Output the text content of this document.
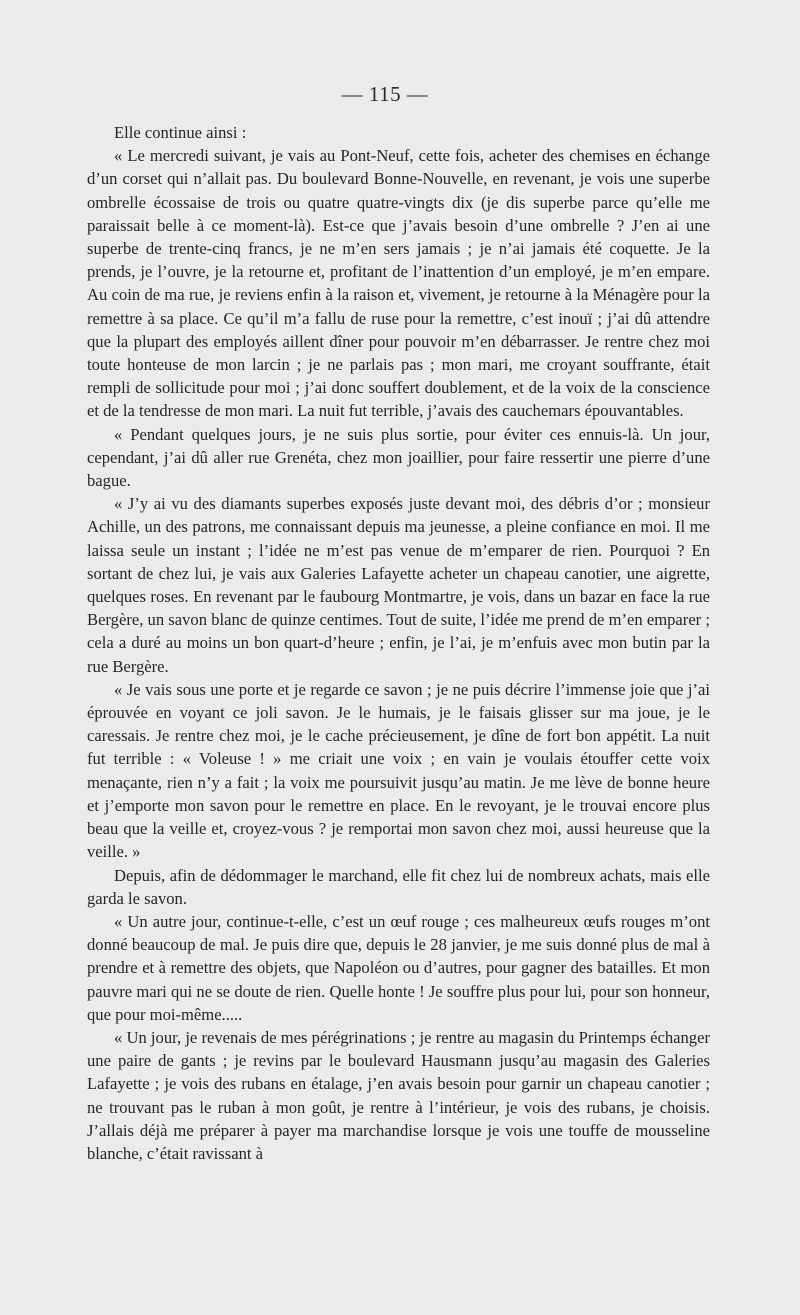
— 115 —

Elle continue ainsi :

« Le mercredi suivant, je vais au Pont-Neuf, cette fois, acheter des chemises en échange d’un corset qui n’allait pas. Du boulevard Bonne-Nouvelle, en revenant, je vois une superbe ombrelle écossaise de trois ou quatre quatre-vingts dix (je dis superbe parce qu’elle me paraissait belle à ce moment-là). Est-ce que j’avais besoin d’une ombrelle ? J’en ai une superbe de trente-cinq francs, je ne m’en sers jamais ; je n’ai jamais été coquette. Je la prends, je l’ouvre, je la retourne et, profitant de l’inattention d’un employé, je m’en empare. Au coin de ma rue, je reviens enfin à la raison et, vivement, je retourne à la Ménagère pour la remettre à sa place. Ce qu’il m’a fallu de ruse pour la remettre, c’est inouï ; j’ai dû attendre que la plupart des employés aillent dîner pour pouvoir m’en débarrasser. Je rentre chez moi toute honteuse de mon larcin ; je ne parlais pas ; mon mari, me croyant souffrante, était rempli de sollicitude pour moi ; j’ai donc souffert doublement, et de la voix de la conscience et de la tendresse de mon mari. La nuit fut terrible, j’avais des cauchemars épouvantables.

« Pendant quelques jours, je ne suis plus sortie, pour éviter ces ennuis-là. Un jour, cependant, j’ai dû aller rue Grenéta, chez mon joaillier, pour faire ressertir une pierre d’une bague.

« J’y ai vu des diamants superbes exposés juste devant moi, des débris d’or ; monsieur Achille, un des patrons, me connaissant depuis ma jeunesse, a pleine confiance en moi. Il me laissa seule un instant ; l’idée ne m’est pas venue de m’emparer de rien. Pourquoi ? En sortant de chez lui, je vais aux Galeries Lafayette acheter un chapeau canotier, une aigrette, quelques roses. En revenant par le faubourg Montmartre, je vois, dans un bazar en face la rue Bergère, un savon blanc de quinze centimes. Tout de suite, l’idée me prend de m’en emparer ; cela a duré au moins un bon quart-d’heure ; enfin, je l’ai, je m’enfuis avec mon butin par la rue Bergère.

« Je vais sous une porte et je regarde ce savon ; je ne puis décrire l’immense joie que j’ai éprouvée en voyant ce joli savon. Je le humais, je le faisais glisser sur ma joue, je le caressais. Je rentre chez moi, je le cache précieusement, je dîne de fort bon appétit. La nuit fut terrible : « Voleuse ! » me criait une voix ; en vain je voulais étouffer cette voix menaçante, rien n’y a fait ; la voix me poursuivit jusqu’au matin. Je me lève de bonne heure et j’emporte mon savon pour le remettre en place. En le revoyant, je le trouvai encore plus beau que la veille et, croyez-vous ? je remportai mon savon chez moi, aussi heureuse que la veille. »

Depuis, afin de dédommager le marchand, elle fit chez lui de nombreux achats, mais elle garda le savon.

« Un autre jour, continue-t-elle, c’est un œuf rouge ; ces malheureux œufs rouges m’ont donné beaucoup de mal. Je puis dire que, depuis le 28 janvier, je me suis donné plus de mal à prendre et à remettre des objets, que Napoléon ou d’autres, pour gagner des batailles. Et mon pauvre mari qui ne se doute de rien. Quelle honte ! Je souffre plus pour lui, pour son honneur, que pour moi-même.....

« Un jour, je revenais de mes pérégrinations ; je rentre au magasin du Printemps échanger une paire de gants ; je revins par le boulevard Hausmann jusqu’au magasin des Galeries Lafayette ; je vois des rubans en étalage, j’en avais besoin pour garnir un chapeau canotier ; ne trouvant pas le ruban à mon goût, je rentre à l’intérieur, je vois des rubans, je choisis. J’allais déjà me préparer à payer ma marchandise lorsque je vois une touffe de mousseline blanche, c’était ravissant à
